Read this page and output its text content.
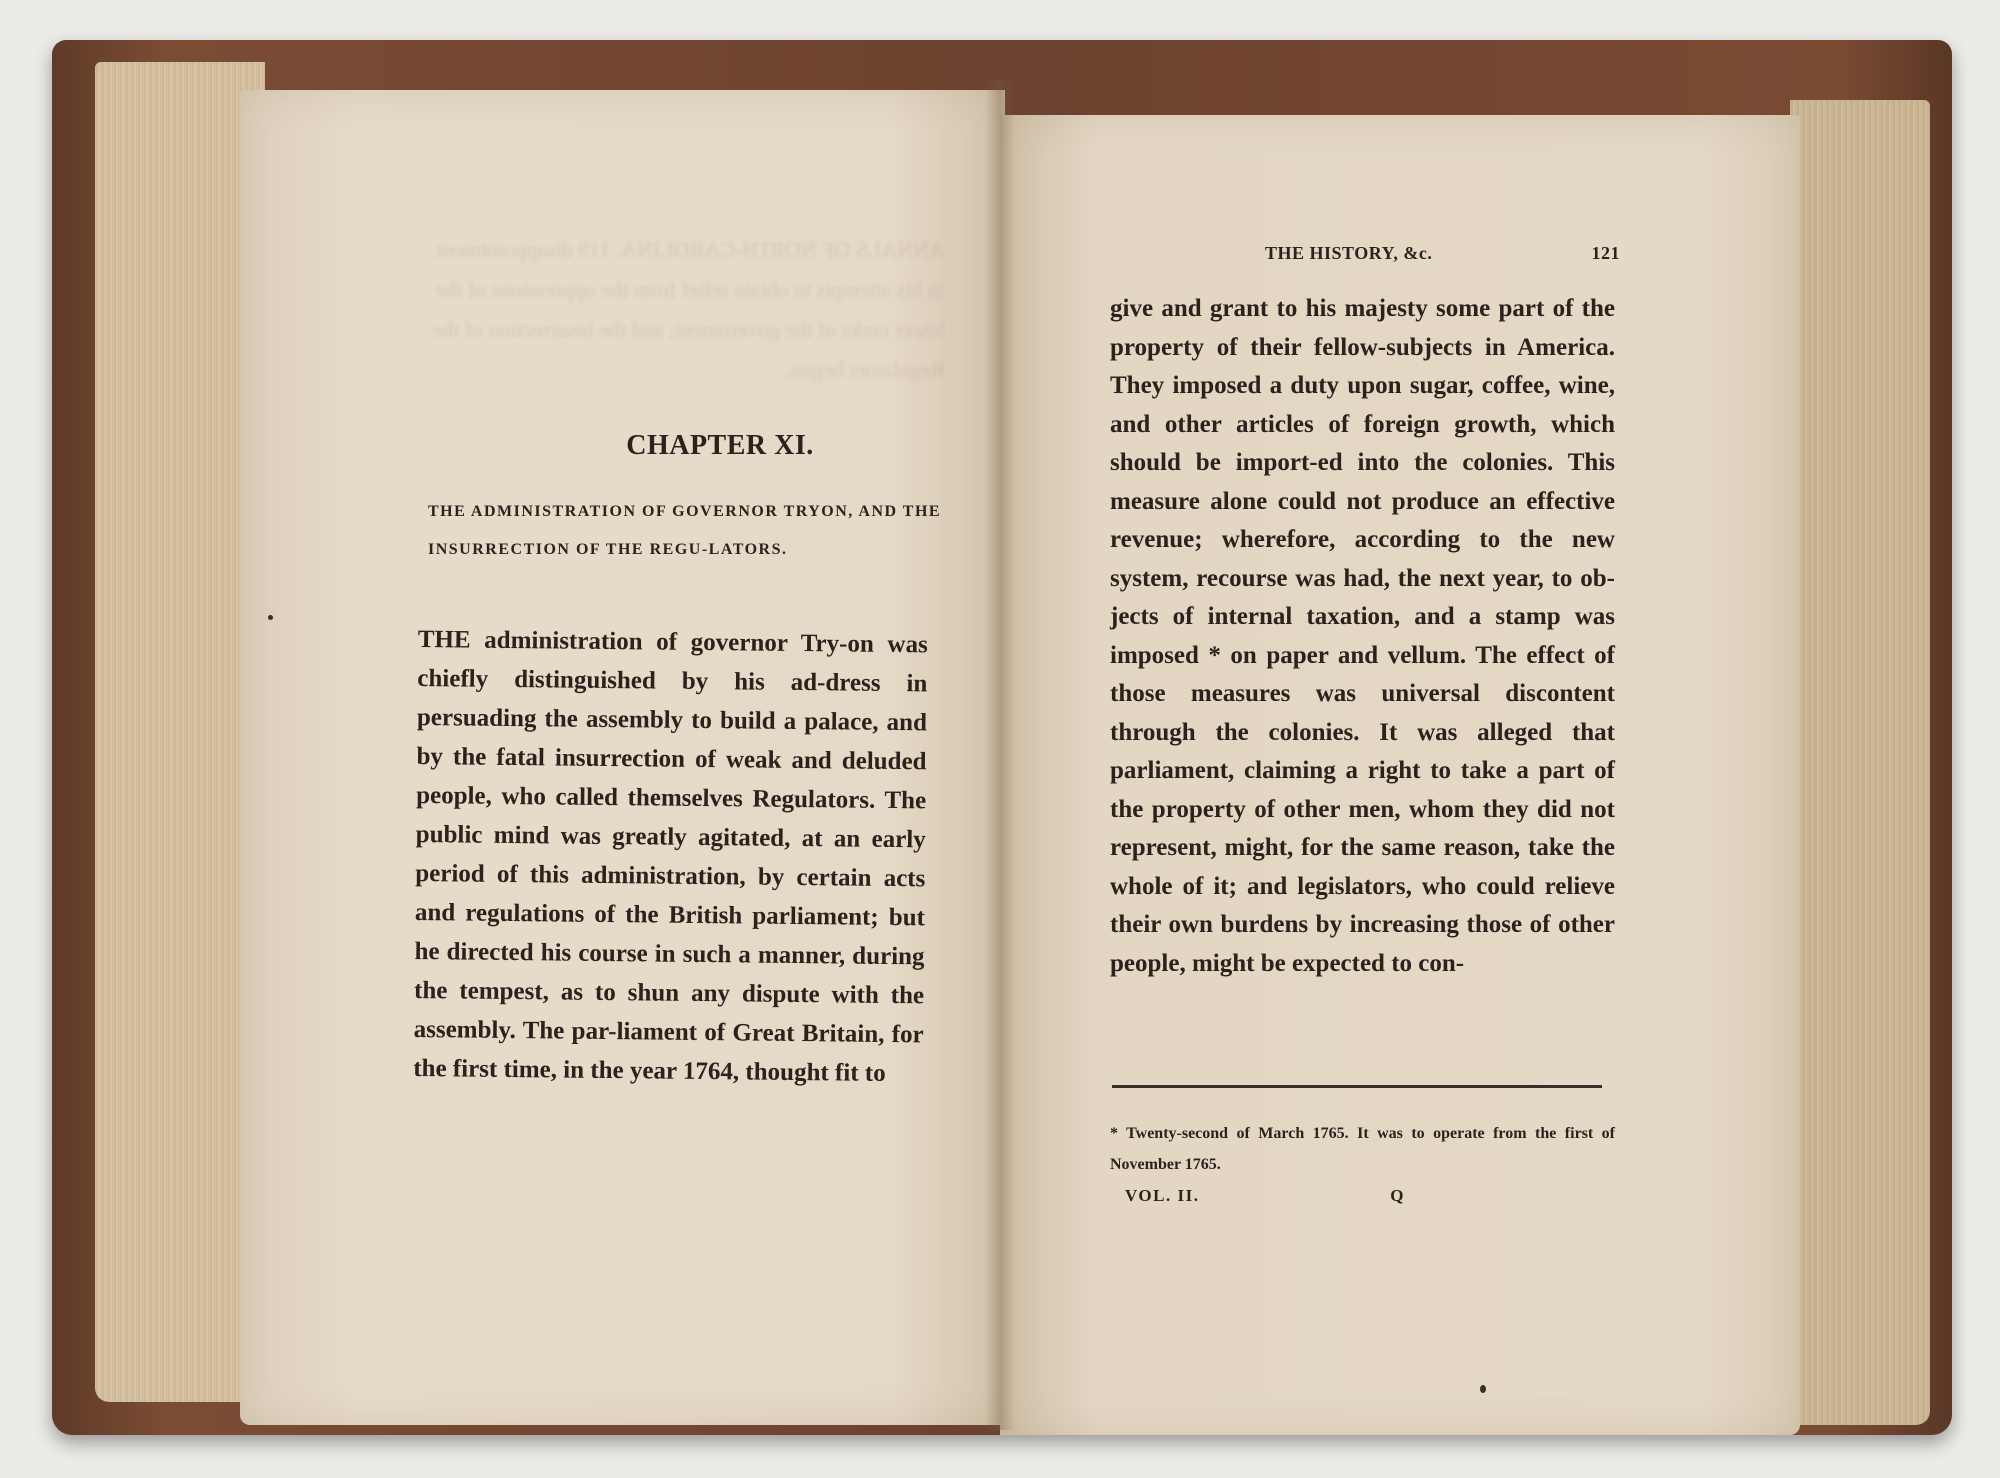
ANNALS OF NORTH-CAROLINA. 119 disappointment in his attempts to obtain relief from the oppressions of the lower ranks of the government; and the insurrection of the Regulators began.
CHAPTER XI.
THE ADMINISTRATION OF GOVERNOR TRYON, AND THE INSURRECTION OF THE REGU-LATORS.
THE administration of governor Try-on was chiefly distinguished by his ad-dress in persuading the assembly to build a palace, and by the fatal insurrection of weak and deluded people, who called themselves Regulators. The public mind was greatly agitated, at an early period of this administration, by certain acts and regulations of the British parliament; but he directed his course in such a manner, during the tempest, as to shun any dispute with the assembly. The par-liament of Great Britain, for the first time, in the year 1764, thought fit to
THE HISTORY, &c.	121
give and grant to his majesty some part of the property of their fellow-subjects in America. They imposed a duty upon sugar, coffee, wine, and other articles of foreign growth, which should be import-ed into the colonies. This measure alone could not produce an effective revenue; wherefore, according to the new system, recourse was had, the next year, to ob-jects of internal taxation, and a stamp was imposed * on paper and vellum. The effect of those measures was universal discontent through the colonies. It was alleged that parliament, claiming a right to take a part of the property of other men, whom they did not represent, might, for the same reason, take the whole of it; and legislators, who could relieve their own burdens by increasing those of other people, might be expected to con-
* Twenty-second of March 1765. It was to operate from the first of November 1765.
VOL. II.	Q
